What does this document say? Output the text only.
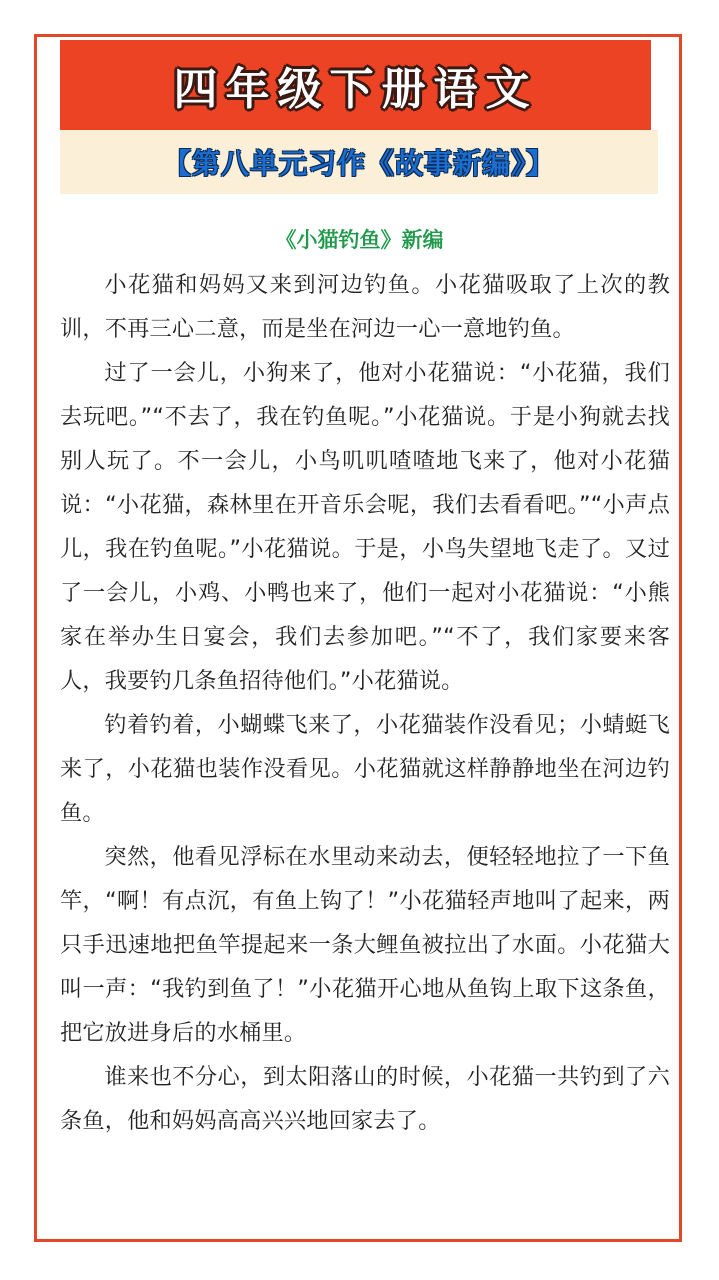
四年级下册语文
【第八单元习作《故事新编》】
《小猫钓鱼》新编

小花猫和妈妈又来到河边钓鱼。小花猫吸取了上次的教训，不再三心二意，而是坐在河边一心一意地钓鱼。

过了一会儿，小狗来了，他对小花猫说：“小花猫，我们去玩吧。”“不去了，我在钓鱼呢。”小花猫说。于是小狗就去找别人玩了。不一会儿，小鸟叽叽喳喳地飞来了，他对小花猫说：“小花猫，森林里在开音乐会呢，我们去看看吧。”“小声点儿，我在钓鱼呢。”小花猫说。于是，小鸟失望地飞走了。又过了一会儿，小鸡、小鸭也来了，他们一起对小花猫说：“小熊家在举办生日宴会，我们去参加吧。”“不了，我们家要来客人，我要钓几条鱼招待他们。”小花猫说。

钓着钓着，小蝴蝶飞来了，小花猫装作没看见；小蜻蜓飞来了，小花猫也装作没看见。小花猫就这样静静地坐在河边钓鱼。

突然，他看见浮标在水里动来动去，便轻轻地拉了一下鱼竿，“啊！有点沉，有鱼上钩了！”小花猫轻声地叫了起来，两只手迅速地把鱼竿提起来一条大鲤鱼被拉出了水面。小花猫大叫一声：“我钓到鱼了！”小花猫开心地从鱼钩上取下这条鱼，把它放进身后的水桶里。

谁来也不分心，到太阳落山的时候，小花猫一共钓到了六条鱼，他和妈妈高高兴兴地回家去了。
